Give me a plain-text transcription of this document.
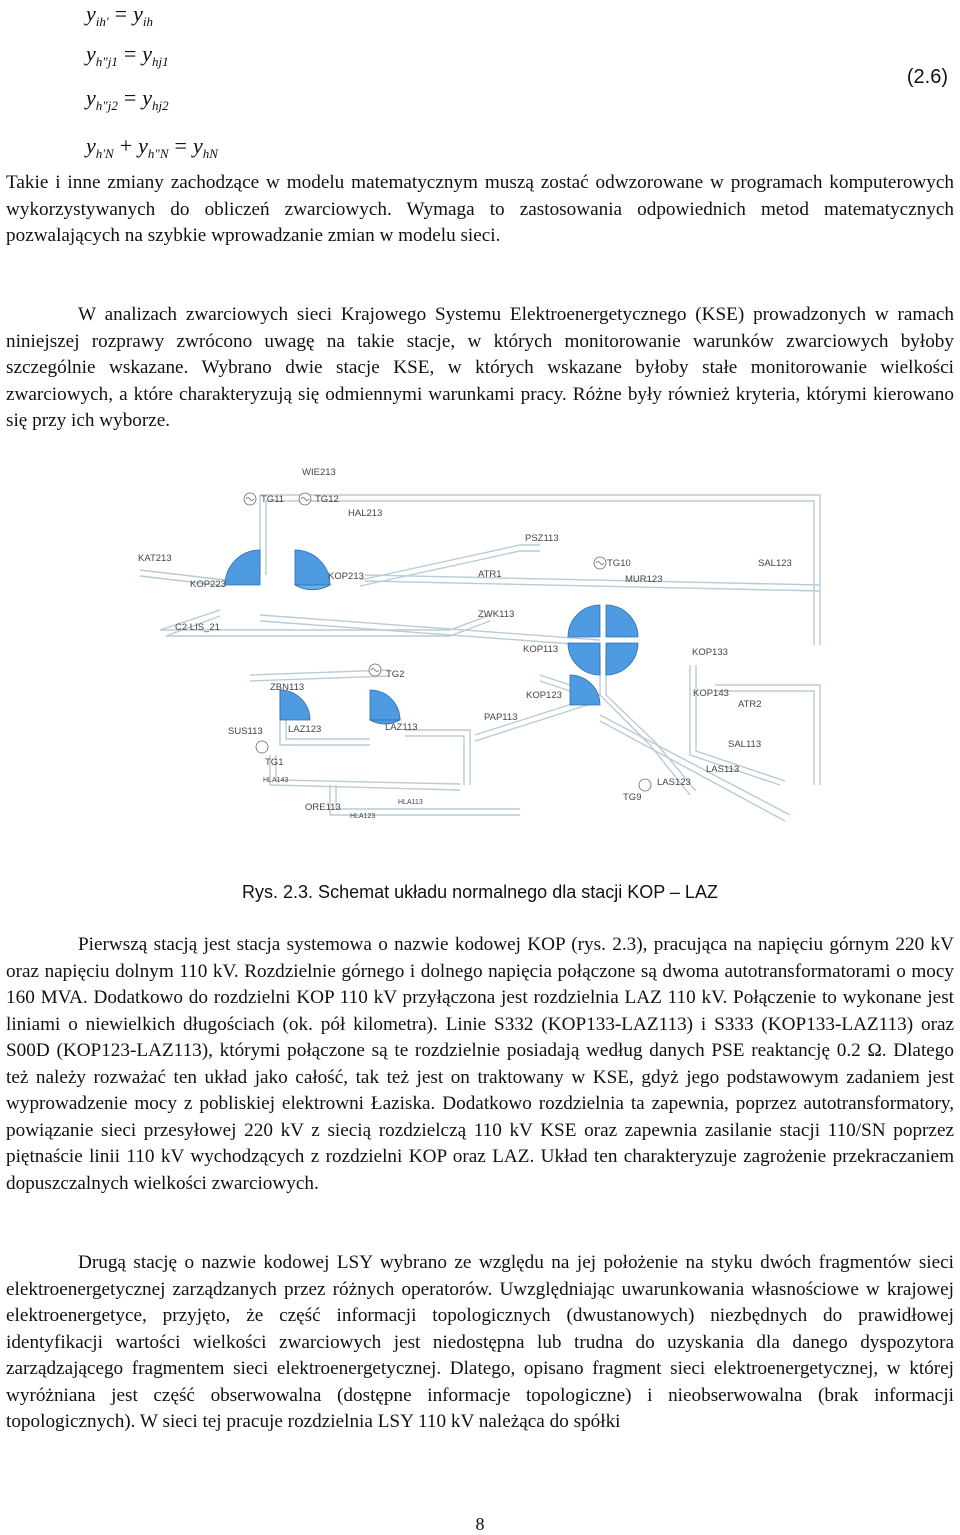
$y_{ih'} = y_{ih}$
$y_{h"j1} = y_{hj1}$
$y_{h"j2} = y_{hj2}$
$y_{h'N} + y_{h"N} = y_{hN}$
(2.6)

Takie i inne zmiany zachodzące w modelu matematycznym muszą zostać odwzorowane w programach komputerowych wykorzystywanych do obliczeń zwarciowych. Wymaga to zastosowania odpowiednich metod matematycznych pozwalających na szybkie wprowadzanie zmian w modelu sieci.

W analizach zwarciowych sieci Krajowego Systemu Elektroenergetycznego (KSE) prowadzonych w ramach niniejszej rozprawy zwrócono uwagę na takie stacje, w których monitorowanie warunków zwarciowych byłoby szczególnie wskazane. Wybrano dwie stacje KSE, w których wskazane byłoby stałe monitorowanie wielkości zwarciowych, a które charakteryzują się odmiennymi warunkami pracy. Różne były również kryteria, którymi kierowano się przy ich wyborze.

WIE213
TG11	TG12
HAL213
PSZ113
KAT213
KOP223
KOP213	ATR1
TG10
MUR123
SAL123
C2 LIS_21
ZWK113
KOP113	KOP133
TG2
ZBN113
KOP123	KOP143
ATR2
SUS113	LAZ123	LAZ113
PAP113
SAL113
TG1
HLA143
LAS113
LAS123
TG9
ORE113	HLA113
HLA123
Rys. 2.3. Schemat układu normalnego dla stacji KOP – LAZ

Pierwszą stacją jest stacja systemowa o nazwie kodowej KOP (rys. 2.3), pracująca na napięciu górnym 220 kV oraz napięciu dolnym 110 kV. Rozdzielnie górnego i dolnego napięcia połączone są dwoma autotransformatorami o mocy 160 MVA. Dodatkowo do rozdzielni KOP 110 kV przyłączona jest rozdzielnia LAZ 110 kV. Połączenie to wykonane jest liniami o niewielkich długościach (ok. pół kilometra). Linie S332 (KOP133-LAZ113) i S333 (KOP133-LAZ113) oraz S00D (KOP123-LAZ113), którymi połączone są te rozdzielnie posiadają według danych PSE reaktancję 0.2 Ω. Dlatego też należy rozważać ten układ jako całość, tak też jest on traktowany w KSE, gdyż jego podstawowym zadaniem jest wyprowadzenie mocy z pobliskiej elektrowni Łaziska. Dodatkowo rozdzielnia ta zapewnia, poprzez autotransformatory, powiązanie sieci przesyłowej 220 kV z siecią rozdzielczą 110 kV KSE oraz zapewnia zasilanie stacji 110/SN poprzez piętnaście linii 110 kV wychodzących z rozdzielni KOP oraz LAZ. Układ ten charakteryzuje zagrożenie przekraczaniem dopuszczalnych wielkości zwarciowych.

Drugą stację o nazwie kodowej LSY wybrano ze względu na jej położenie na styku dwóch fragmentów sieci elektroenergetycznej zarządzanych przez różnych operatorów. Uwzględniając uwarunkowania własnościowe w krajowej elektroenergetyce, przyjęto, że część informacji topologicznych (dwustanowych) niezbędnych do prawidłowej identyfikacji wartości wielkości zwarciowych jest niedostępna lub trudna do uzyskania dla danego dyspozytora zarządzającego fragmentem sieci elektroenergetycznej. Dlatego, opisano fragment sieci elektroenergetycznej, w której wyróżniana jest część obserwowalna (dostępne informacje topologiczne) i nieobserwowalna (brak informacji topologicznych). W sieci tej pracuje rozdzielnia LSY 110 kV należąca do spółki

8
